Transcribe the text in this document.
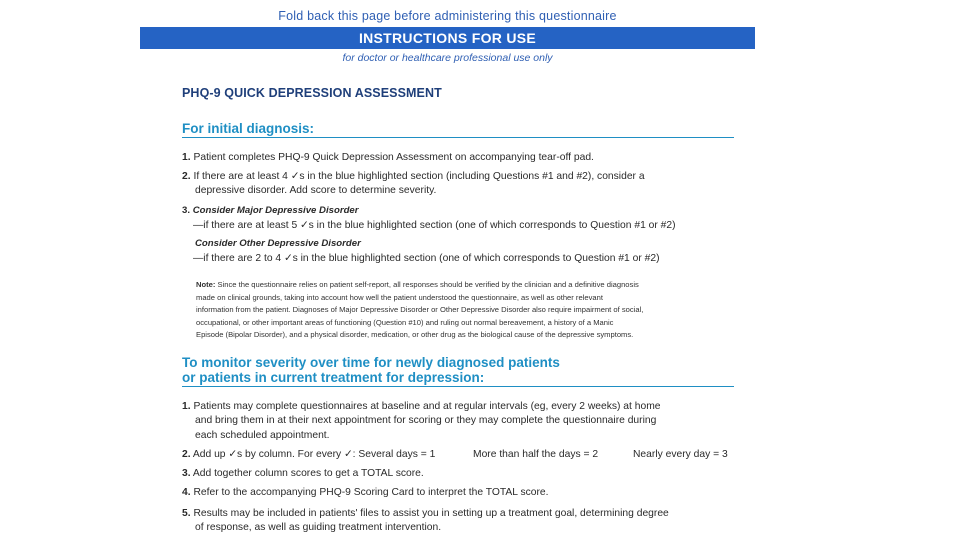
Fold back this page before administering this questionnaire
INSTRUCTIONS FOR USE
for doctor or healthcare professional use only
PHQ-9 QUICK DEPRESSION ASSESSMENT
For initial diagnosis:
1. Patient completes PHQ-9 Quick Depression Assessment on accompanying tear-off pad.
2. If there are at least 4 ✓s in the blue highlighted section (including Questions #1 and #2), consider a
depressive disorder. Add score to determine severity.
3. Consider Major Depressive Disorder
—if there are at least 5 ✓s in the blue highlighted section (one of which corresponds to Question #1 or #2)
Consider Other Depressive Disorder
—if there are 2 to 4 ✓s in the blue highlighted section (one of which corresponds to Question #1 or #2)
Note: Since the questionnaire relies on patient self-report, all responses should be verified by the clinician and a definitive diagnosis
made on clinical grounds, taking into account how well the patient understood the questionnaire, as well as other relevant
information from the patient. Diagnoses of Major Depressive Disorder or Other Depressive Disorder also require impairment of social,
occupational, or other important areas of functioning (Question #10) and ruling out normal bereavement, a history of a Manic
Episode (Bipolar Disorder), and a physical disorder, medication, or other drug as the biological cause of the depressive symptoms.
To monitor severity over time for newly diagnosed patients
or patients in current treatment for depression:
1. Patients may complete questionnaires at baseline and at regular intervals (eg, every 2 weeks) at home
and bring them in at their next appointment for scoring or they may complete the questionnaire during
each scheduled appointment.
2. Add up ✓s by column. For every ✓: Several days = 1	More than half the days = 2	Nearly every day = 3
3. Add together column scores to get a TOTAL score.
4. Refer to the accompanying PHQ-9 Scoring Card to interpret the TOTAL score.
5. Results may be included in patients' files to assist you in setting up a treatment goal, determining degree
of response, as well as guiding treatment intervention.
